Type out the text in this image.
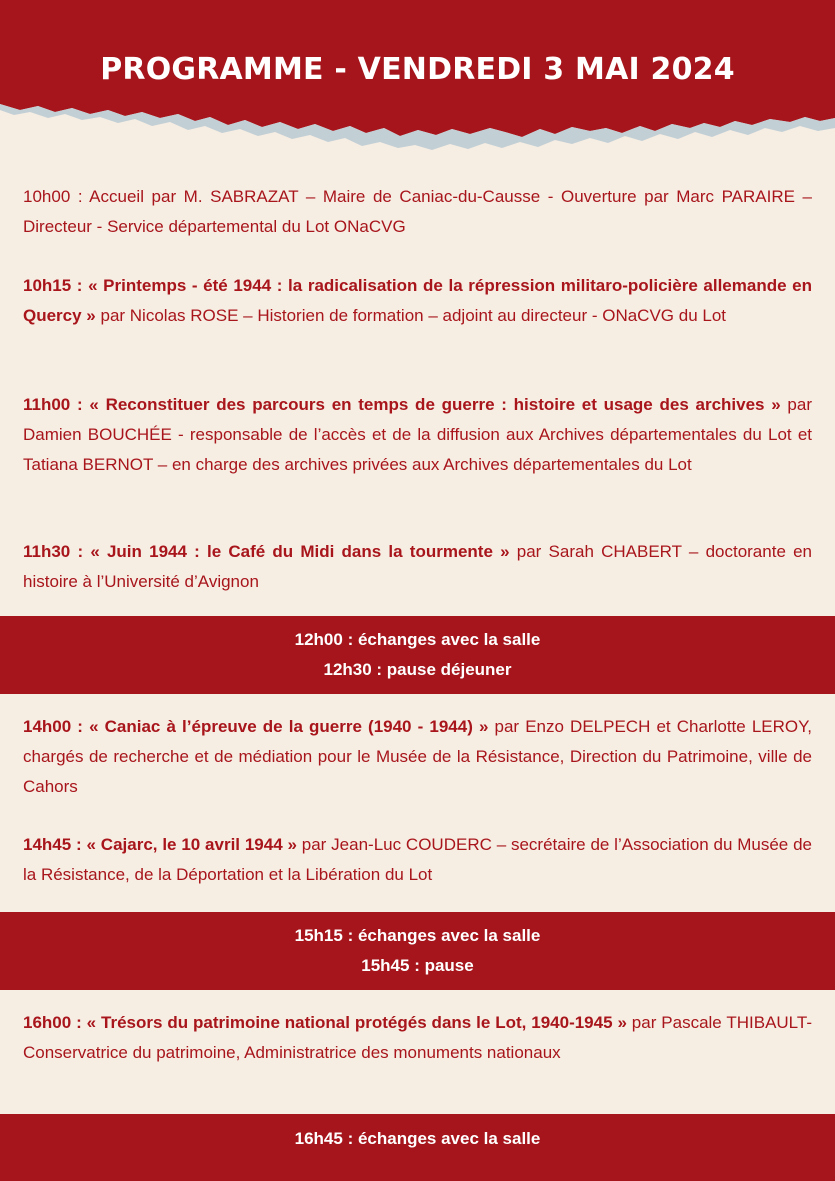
PROGRAMME - VENDREDI 3 MAI 2024
10h00 : Accueil par M. SABRAZAT – Maire de Caniac-du-Causse - Ouverture par Marc PARAIRE – Directeur - Service départemental du Lot ONaCVG
10h15 : « Printemps - été 1944 : la radicalisation de la répression militaro-policière allemande en Quercy » par Nicolas ROSE – Historien de formation – adjoint au directeur - ONaCVG du Lot
11h00 : « Reconstituer des parcours en temps de guerre : histoire et usage des archives » par Damien BOUCHÉE - responsable de l’accès et de la diffusion aux Archives départementales du Lot et Tatiana BERNOT – en charge des archives privées aux Archives départementales du Lot
11h30 : « Juin 1944 : le Café du Midi dans la tourmente » par Sarah CHABERT – doctorante en histoire à l’Université d’Avignon
12h00 : échanges avec la salle
12h30 : pause déjeuner
14h00 : « Caniac à l’épreuve de la guerre (1940 - 1944) » par Enzo DELPECH et Charlotte LEROY, chargés de recherche et de médiation pour le Musée de la Résistance, Direction du Patrimoine, ville de Cahors
14h45 : « Cajarc, le 10 avril 1944 » par Jean-Luc COUDERC – secrétaire de l’Association du Musée de la Résistance, de la Déportation et la Libération du Lot
15h15 : échanges avec la salle
15h45 : pause
16h00 : « Trésors du patrimoine national protégés dans le Lot, 1940-1945 » par Pascale THIBAULT- Conservatrice du patrimoine, Administratrice des monuments nationaux
16h45 : échanges avec la salle
